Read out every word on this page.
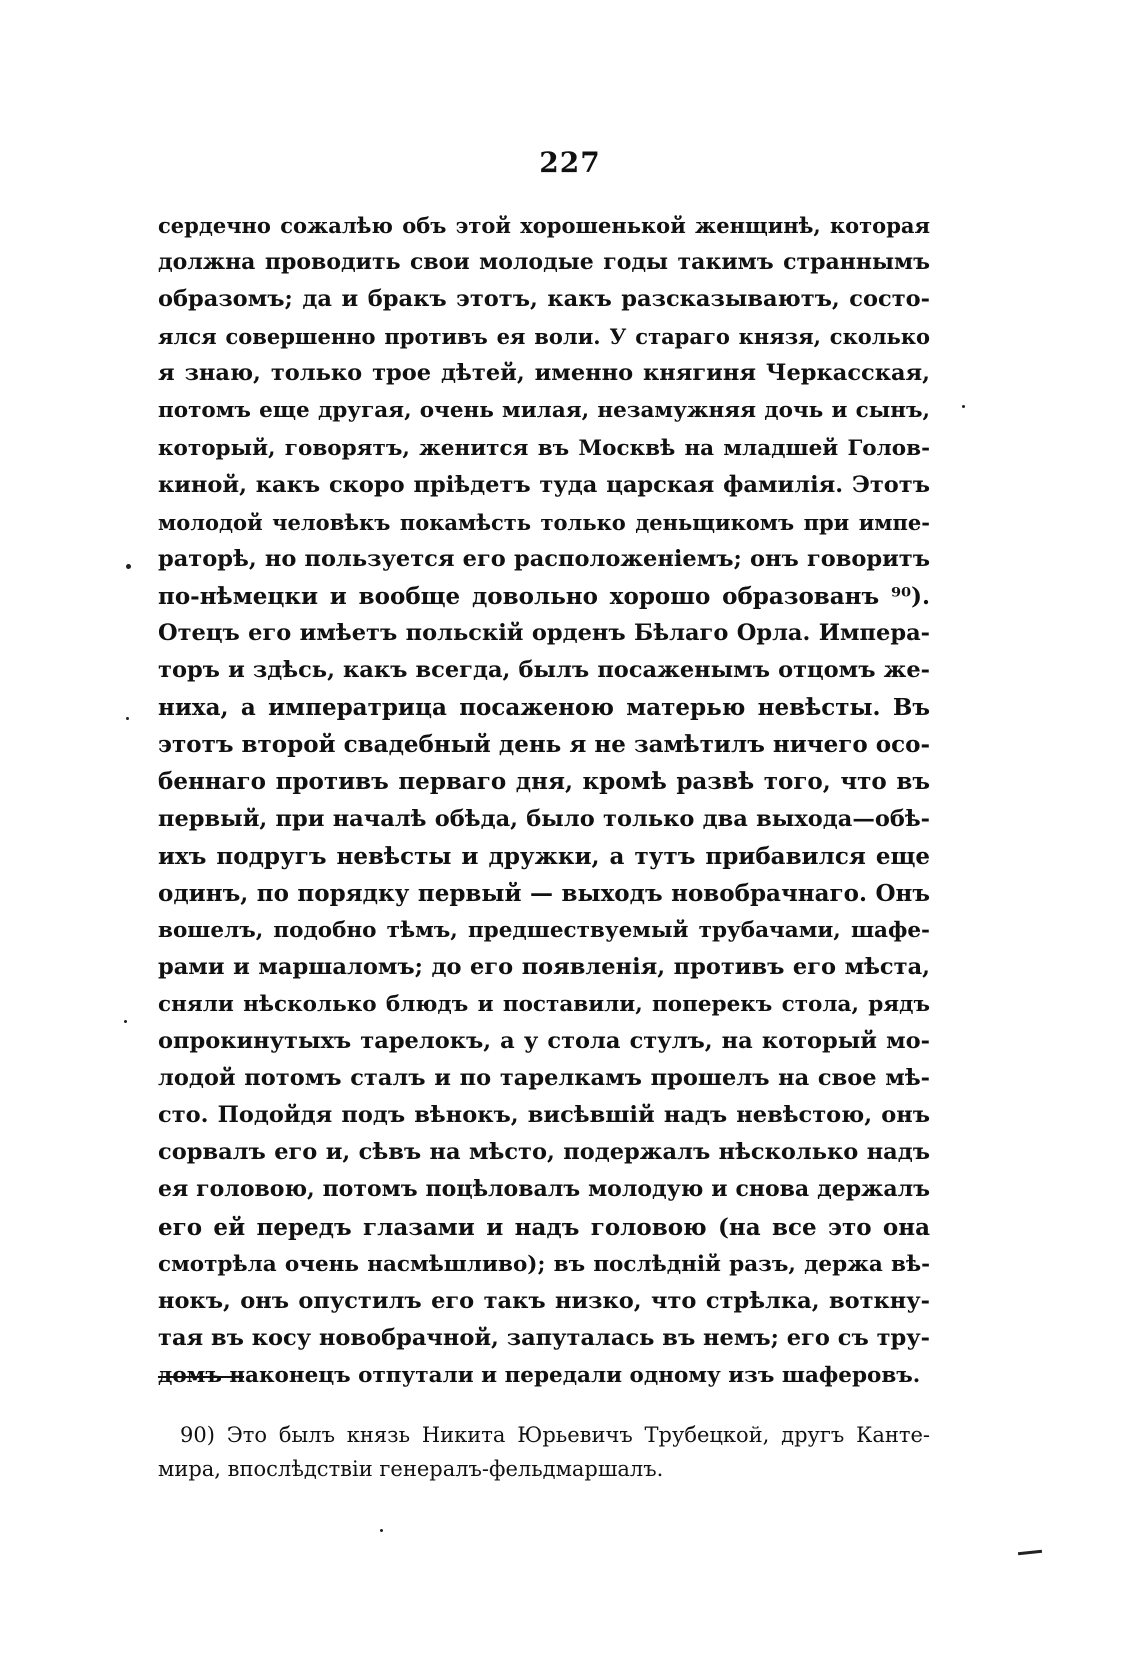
227
сердечно сожалѣю объ этой хорошенькой женщинѣ, которая
должна проводить свои молодые годы такимъ страннымъ
образомъ; да и бракъ этотъ, какъ разсказываютъ, состо-
ялся совершенно противъ ея воли. У стараго князя, сколько
я знаю, только трое дѣтей, именно княгиня Черкасская,
потомъ еще другая, очень милая, незамужняя дочь и сынъ,
который, говорятъ, женится въ Москвѣ на младшей Голов-
киной, какъ скоро прiѣдетъ туда царская фамилiя. Этотъ
молодой человѣкъ покамѣсть только деньщикомъ при импе-
раторѣ, но пользуется его расположенiемъ; онъ говоритъ
по-нѣмецки и вообще довольно хорошо образованъ ⁹⁰).
Отецъ его имѣетъ польскiй орденъ Бѣлаго Орла. Импера-
торъ и здѣсь, какъ всегда, былъ посаженымъ отцомъ же-
ниха, а императрица посаженою матерью невѣсты. Въ
этотъ второй свадебный день я не замѣтилъ ничего осо-
беннаго противъ перваго дня, кромѣ развѣ того, что въ
первый, при началѣ обѣда, было только два выхода—обѣ-
ихъ подругъ невѣсты и дружки, а тутъ прибавился еще
одинъ, по порядку первый — выходъ новобрачнаго. Онъ
вошелъ, подобно тѣмъ, предшествуемый трубачами, шафе-
рами и маршаломъ; до его появленiя, противъ его мѣста,
сняли нѣсколько блюдъ и поставили, поперекъ стола, рядъ
опрокинутыхъ тарелокъ, а у стола стулъ, на который мо-
лодой потомъ сталъ и по тарелкамъ прошелъ на свое мѣ-
сто. Подойдя подъ вѣнокъ, висѣвшiй надъ невѣстою, онъ
сорвалъ его и, сѣвъ на мѣсто, подержалъ нѣсколько надъ
ея головою, потомъ поцѣловалъ молодую и снова держалъ
его ей передъ глазами и надъ головою (на все это она
смотрѣла очень насмѣшливо); въ послѣднiй разъ, держа вѣ-
нокъ, онъ опустилъ его такъ низко, что стрѣлка, воткну-
тая въ косу новобрачной, запуталась въ немъ; его съ тру-
домъ наконецъ отпутали и передали одному изъ шаферовъ.
90) Это былъ князь Никита Юрьевичъ Трубецкой, другъ Канте-
мира, впослѣдствiи генералъ-фельдмаршалъ.
